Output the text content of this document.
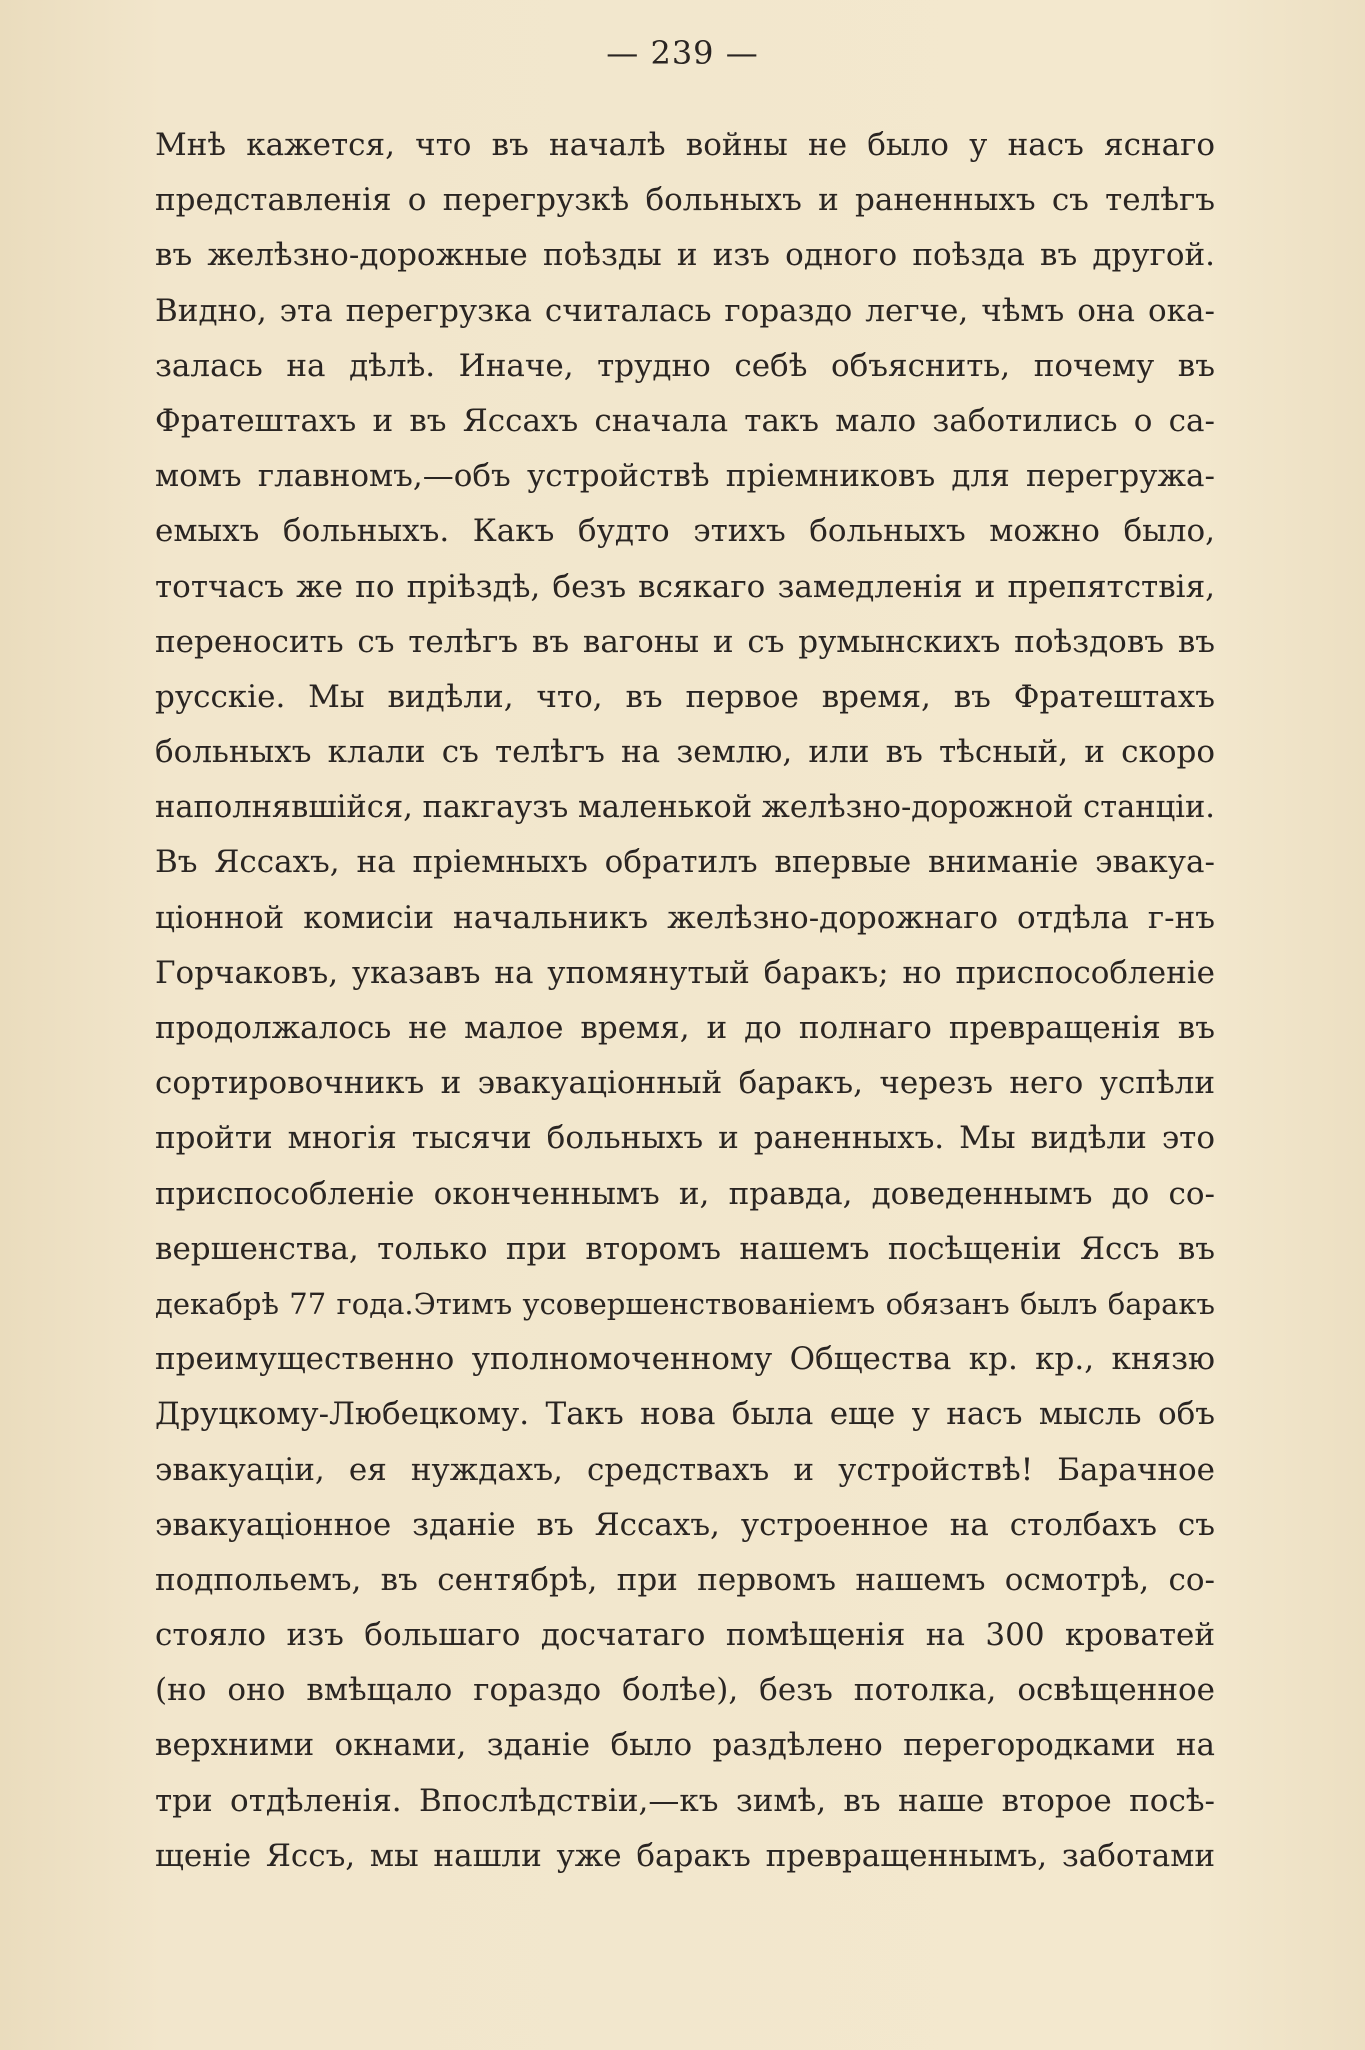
— 239 —
Мнѣ кажется, что въ началѣ войны не было у насъ яснаго
представленія о перегрузкѣ больныхъ и раненныхъ съ телѣгъ
въ желѣзно-дорожные поѣзды и изъ одного поѣзда въ другой.
Видно, эта перегрузка считалась гораздо легче, чѣмъ она ока-
залась на дѣлѣ. Иначе, трудно себѣ объяснить, почему въ
Фратештахъ и въ Яссахъ сначала такъ мало заботились о са-
момъ главномъ,—объ устройствѣ пріемниковъ для перегружа-
емыхъ больныхъ. Какъ будто этихъ больныхъ можно было,
тотчасъ же по пріѣздѣ, безъ всякаго замедленія и препятствія,
переносить съ телѣгъ въ вагоны и съ румынскихъ поѣздовъ въ
русскіе. Мы видѣли, что, въ первое время, въ Фратештахъ
больныхъ клали съ телѣгъ на землю, или въ тѣсный, и скоро
наполнявшійся, пакгаузъ маленькой желѣзно-дорожной станціи.
Въ Яссахъ, на пріемныхъ обратилъ впервые вниманіе эвакуа-
ціонной комисіи начальникъ желѣзно-дорожнаго отдѣла г-нъ
Горчаковъ, указавъ на упомянутый баракъ; но приспособленіе
продолжалось не малое время, и до полнаго превращенія въ
сортировочникъ и эвакуаціонный баракъ, черезъ него успѣли
пройти многія тысячи больныхъ и раненныхъ. Мы видѣли это
приспособленіе оконченнымъ и, правда, доведеннымъ до со-
вершенства, только при второмъ нашемъ посѣщеніи Яссъ въ
декабрѣ 77 года.Этимъ усовершенствованіемъ обязанъ былъ баракъ
преимущественно уполномоченному Общества кр. кр., князю
Друцкому-Любецкому. Такъ нова была еще у насъ мысль объ
эвакуаціи, ея нуждахъ, средствахъ и устройствѣ! Барачное
эвакуаціонное зданіе въ Яссахъ, устроенное на столбахъ съ
подпольемъ, въ сентябрѣ, при первомъ нашемъ осмотрѣ, со-
стояло изъ большаго досчатаго помѣщенія на 300 кроватей
(но оно вмѣщало гораздо болѣе), безъ потолка, освѣщенное
верхними окнами, зданіе было раздѣлено перегородками на
три отдѣленія. Впослѣдствіи,—къ зимѣ, въ наше второе посѣ-
щеніе Яссъ, мы нашли уже баракъ превращеннымъ, заботами
